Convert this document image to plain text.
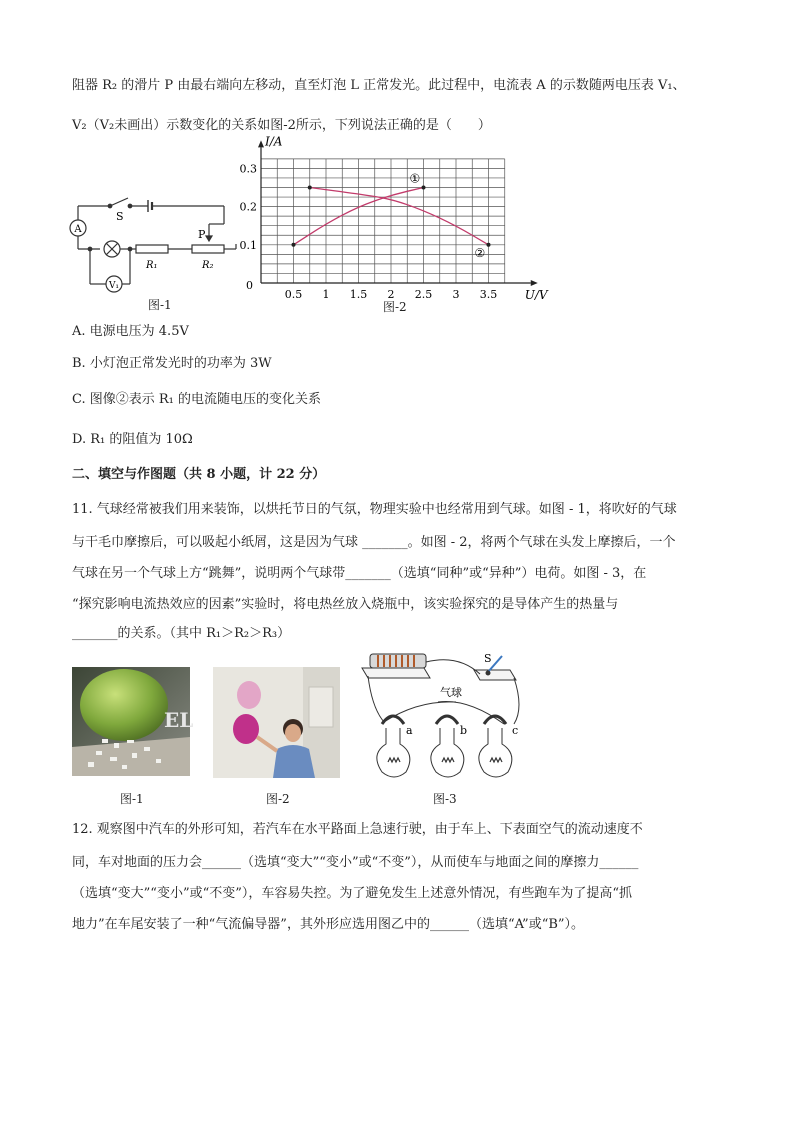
阻器 R₂ 的滑片 P 由最右端向左移动，直至灯泡 L 正常发光。此过程中，电流表 A 的示数随两电压表 V₁、
V₂（V₂未画出）示数变化的关系如图-2所示，下列说法正确的是（　　）
A
V₁
S
P
R₁	R₂
图-1
0.5 1 1.5 2 2.5 3 3.5
0.1
0.2
0.3
0
I/A
U/V
①
②
图-2
A. 电源电压为 4.5V
B. 小灯泡正常发光时的功率为 3W
C. 图像②表示 R₁ 的电流随电压的变化关系
D. R₁ 的阻值为 10Ω
二、填空与作图题（共 8 小题，计 22 分）
11. 气球经常被我们用来装饰，以烘托节日的气氛，物理实验中也经常用到气球。如图 - 1，将吹好的气球
与干毛巾摩擦后，可以吸起小纸屑，这是因为气球 _______。如图 - 2，将两个气球在头发上摩擦后，一个
气球在另一个气球上方“跳舞”，说明两个气球带_______（选填“同种”或“异种”）电荷。如图 - 3，在
“探究影响电流热效应的因素”实验时，将电热丝放入烧瓶中，该实验探究的是导体产生的热量与
_______的关系。（其中 R₁＞R₂＞R₃）
EL
图-1	图-2
S
气球
a	b	c
图-3
12. 观察图中汽车的外形可知，若汽车在水平路面上急速行驶，由于车上、下表面空气的流动速度不
同，车对地面的压力会______（选填“变大”“变小”或“不变”），从而使车与地面之间的摩擦力______
（选填“变大”“变小”或“不变”），车容易失控。为了避免发生上述意外情况，有些跑车为了提高“抓
地力”在车尾安装了一种“气流偏导器”，其外形应选用图乙中的______（选填“A”或“B”）。
